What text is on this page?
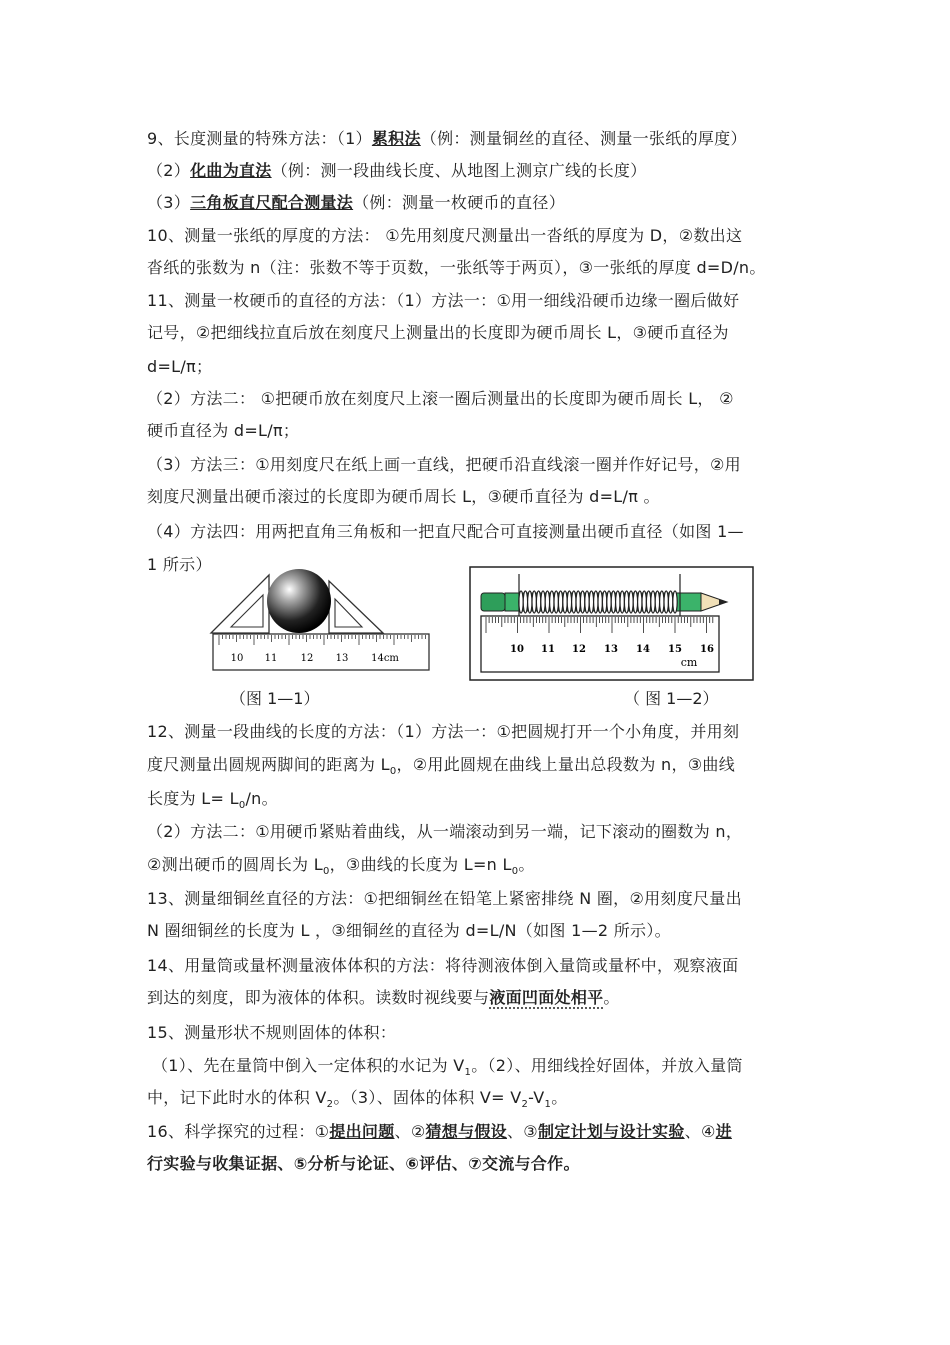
9、长度测量的特殊方法：（1）累积法（例：测量铜丝的直径、测量一张纸的厚度）
（2）化曲为直法（例：测一段曲线长度、从地图上测京广线的长度）
（3）三角板直尺配合测量法（例：测量一枚硬币的直径）
10、测量一张纸的厚度的方法： ①先用刻度尺测量出一沓纸的厚度为 D，②数出这
沓纸的张数为 n（注：张数不等于页数，一张纸等于两页），③一张纸的厚度 d=D/n。
11、测量一枚硬币的直径的方法：（1）方法一：①用一细线沿硬币边缘一圈后做好
记号，②把细线拉直后放在刻度尺上测量出的长度即为硬币周长 L，③硬币直径为
d=L/π；
（2）方法二： ①把硬币放在刻度尺上滚一圈后测量出的长度即为硬币周长 L， ②
硬币直径为 d=L/π；
（3）方法三：①用刻度尺在纸上画一直线，把硬币沿直线滚一圈并作好记号，②用
刻度尺测量出硬币滚过的长度即为硬币周长 L，③硬币直径为 d=L/π 。
（4）方法四：用两把直角三角板和一把直尺配合可直接测量出硬币直径（如图 1—
1 所示）
10 11 12 13 14cm
（图 1—1）
10 11 12 13 14 15 16
cm
（ 图 1—2）
12、测量一段曲线的长度的方法：（1）方法一：①把圆规打开一个小角度，并用刻
度尺测量出圆规两脚间的距离为 $L_0$，②用此圆规在曲线上量出总段数为 n，③曲线
长度为 $L= L_0/n$。
（2）方法二：①用硬币紧贴着曲线，从一端滚动到另一端，记下滚动的圈数为 n，
②测出硬币的圆周长为 $L_0$，③曲线的长度为 L=n $L_0$。
13、测量细铜丝直径的方法：①把细铜丝在铅笔上紧密排绕 N 圈，②用刻度尺量出
N 圈细铜丝的长度为 L ，③细铜丝的直径为 d=L/N（如图 1—2 所示）。
14、用量筒或量杯测量液体体积的方法：将待测液体倒入量筒或量杯中，观察液面
到达的刻度，即为液体的体积。读数时视线要与液面凹面处相平。
15、测量形状不规则固体的体积：
（1）、先在量筒中倒入一定体积的水记为 $V_1$。（2）、用细线拴好固体，并放入量筒
中，记下此时水的体积 $V_2$。（3）、固体的体积 $V= V_2-V_1$。
16、科学探究的过程：①提出问题、②猜想与假设、③制定计划与设计实验、④进
行实验与收集证据、⑤分析与论证、⑥评估、⑦交流与合作。
